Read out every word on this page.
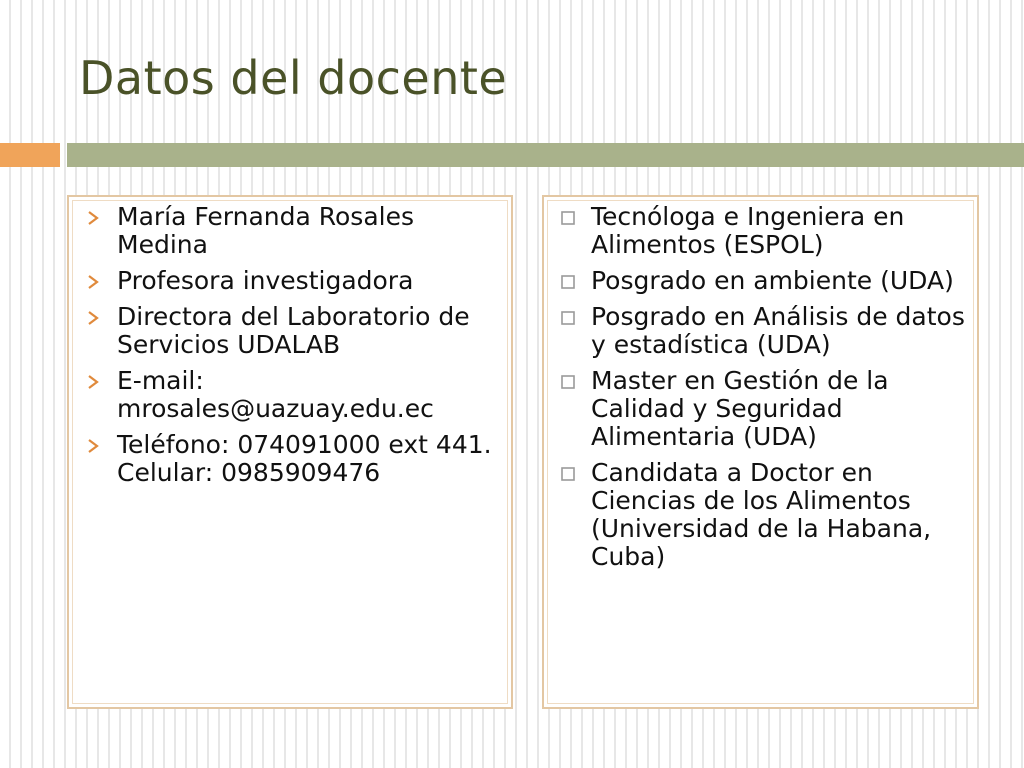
Datos del docente
María Fernanda Rosales Medina
Profesora investigadora
Directora del Laboratorio de Servicios UDALAB
E-mail: mrosales@uazuay.edu.ec
Teléfono: 074091000 ext 441. Celular: 0985909476
Tecnóloga e Ingeniera en Alimentos (ESPOL)
Posgrado en ambiente (UDA)
Posgrado en Análisis de datos y estadística (UDA)
Master en Gestión de la Calidad y Seguridad Alimentaria (UDA)
Candidata a Doctor en Ciencias de los Alimentos (Universidad de la Habana, Cuba)
